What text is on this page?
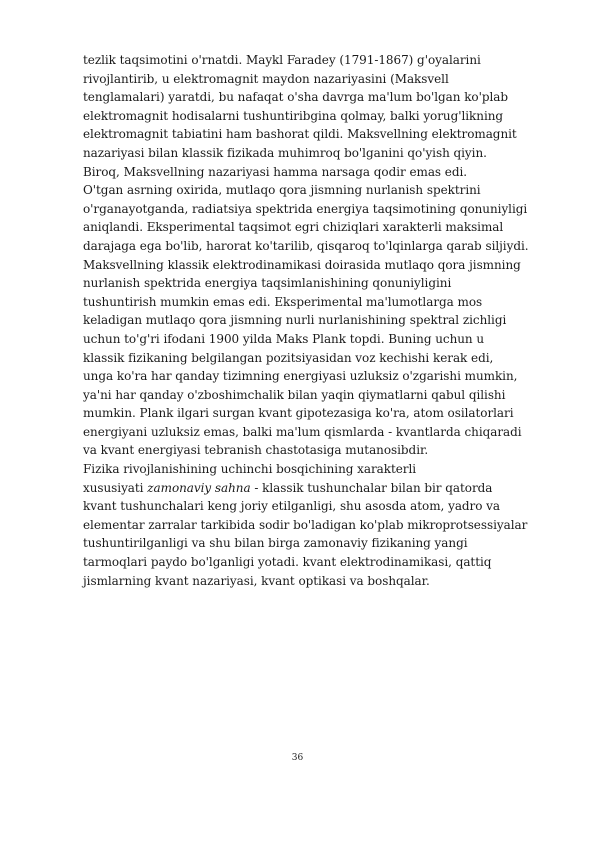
tezlik taqsimotini o'rnatdi. Maykl Faradey (1791-1867) g'oyalarini
rivojlantirib, u elektromagnit maydon nazariyasini (Maksvell
tenglamalari) yaratdi, bu nafaqat o'sha davrga ma'lum bo'lgan ko'plab
elektromagnit hodisalarni tushuntiribgina qolmay, balki yorug'likning
elektromagnit tabiatini ham bashorat qildi. Maksvellning elektromagnit
nazariyasi bilan klassik fizikada muhimroq bo'lganini qo'yish qiyin.
Biroq, Maksvellning nazariyasi hamma narsaga qodir emas edi.
O'tgan asrning oxirida, mutlaqo qora jismning nurlanish spektrini
o'rganayotganda, radiatsiya spektrida energiya taqsimotining qonuniyligi
aniqlandi. Eksperimental taqsimot egri chiziqlari xarakterli maksimal
darajaga ega bo'lib, harorat ko'tarilib, qisqaroq to'lqinlarga qarab siljiydi.
Maksvellning klassik elektrodinamikasi doirasida mutlaqo qora jismning
nurlanish spektrida energiya taqsimlanishining qonuniyligini
tushuntirish mumkin emas edi. Eksperimental ma'lumotlarga mos
keladigan mutlaqo qora jismning nurli nurlanishining spektral zichligi
uchun to'g'ri ifodani 1900 yilda Maks Plank topdi. Buning uchun u
klassik fizikaning belgilangan pozitsiyasidan voz kechishi kerak edi,
unga ko'ra har qanday tizimning energiyasi uzluksiz o'zgarishi mumkin,
ya'ni har qanday o'zboshimchalik bilan yaqin qiymatlarni qabul qilishi
mumkin. Plank ilgari surgan kvant gipotezasiga ko'ra, atom osilatorlari
energiyani uzluksiz emas, balki ma'lum qismlarda - kvantlarda chiqaradi
va kvant energiyasi tebranish chastotasiga mutanosibdir.
Fizika rivojlanishining uchinchi bosqichining xarakterli
xususiyati zamonaviy sahna - klassik tushunchalar bilan bir qatorda
kvant tushunchalari keng joriy etilganligi, shu asosda atom, yadro va
elementar zarralar tarkibida sodir bo'ladigan ko'plab mikroprotsessiyalar
tushuntirilganligi va shu bilan birga zamonaviy fizikaning yangi
tarmoqlari paydo bo'lganligi yotadi. kvant elektrodinamikasi, qattiq
jismlarning kvant nazariyasi, kvant optikasi va boshqalar.
36
